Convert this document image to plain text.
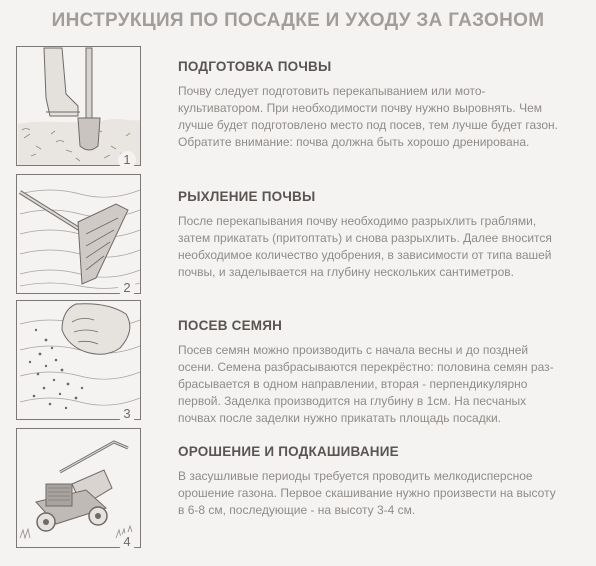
ИНСТРУКЦИЯ ПО ПОСАДКЕ И УХОДУ ЗА ГАЗОНОМ
1
ПОДГОТОВКА ПОЧВЫ
Почву следует подготовить перекапыванием или мото-
культиватором. При необходимости почву нужно выровнять. Чем
лучше будет подготовлено место под посев, тем лучше будет газон.
Обратите внимание: почва должна быть хорошо дренирована.
2
РЫХЛЕНИЕ ПОЧВЫ
После перекапывания почву необходимо разрыхлить граблями,
затем прикатать (притоптать) и снова разрыхлить. Далее вносится
необходимое количество удобрения, в зависимости от типа вашей
почвы, и заделывается на глубину нескольких сантиметров.
3
ПОСЕВ СЕМЯН
Посев семян можно производить с начала весны и до поздней
осени. Семена разбрасываются перекрёстно: половина семян раз-
брасывается в одном направлении, вторая - перпендикулярно
первой. Заделка производится на глубину в 1см. На песчаных
почвах после заделки нужно прикатать площадь посадки.
4
ОРОШЕНИЕ И ПОДКАШИВАНИЕ
В засушливые периоды требуется проводить мелкодисперсное
орошение газона. Первое скашивание нужно произвести на высоту
в 6-8 см, последующие - на высоту 3-4 см.
